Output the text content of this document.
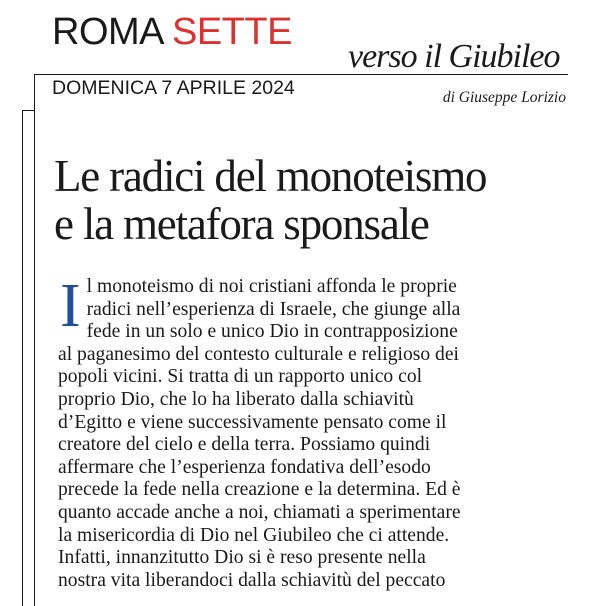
ROMA SETTE
DOMENICA 7 APRILE 2024
verso il Giubileo
di Giuseppe Lorizio
Le radici del monoteismo
e la metafora sponsale
I l monoteismo di noi cristiani affonda le proprie
radici nell’esperienza di Israele, che giunge alla
fede in un solo e unico Dio in contrapposizione
al paganesimo del contesto culturale e religioso dei
popoli vicini. Si tratta di un rapporto unico col
proprio Dio, che lo ha liberato dalla schiavitù
d’Egitto e viene successivamente pensato come il
creatore del cielo e della terra. Possiamo quindi
affermare che l’esperienza fondativa dell’esodo
precede la fede nella creazione e la determina. Ed è
quanto accade anche a noi, chiamati a sperimentare
la misericordia di Dio nel Giubileo che ci attende.
Infatti, innanzitutto Dio si è reso presente nella
nostra vita liberandoci dalla schiavitù del peccato
